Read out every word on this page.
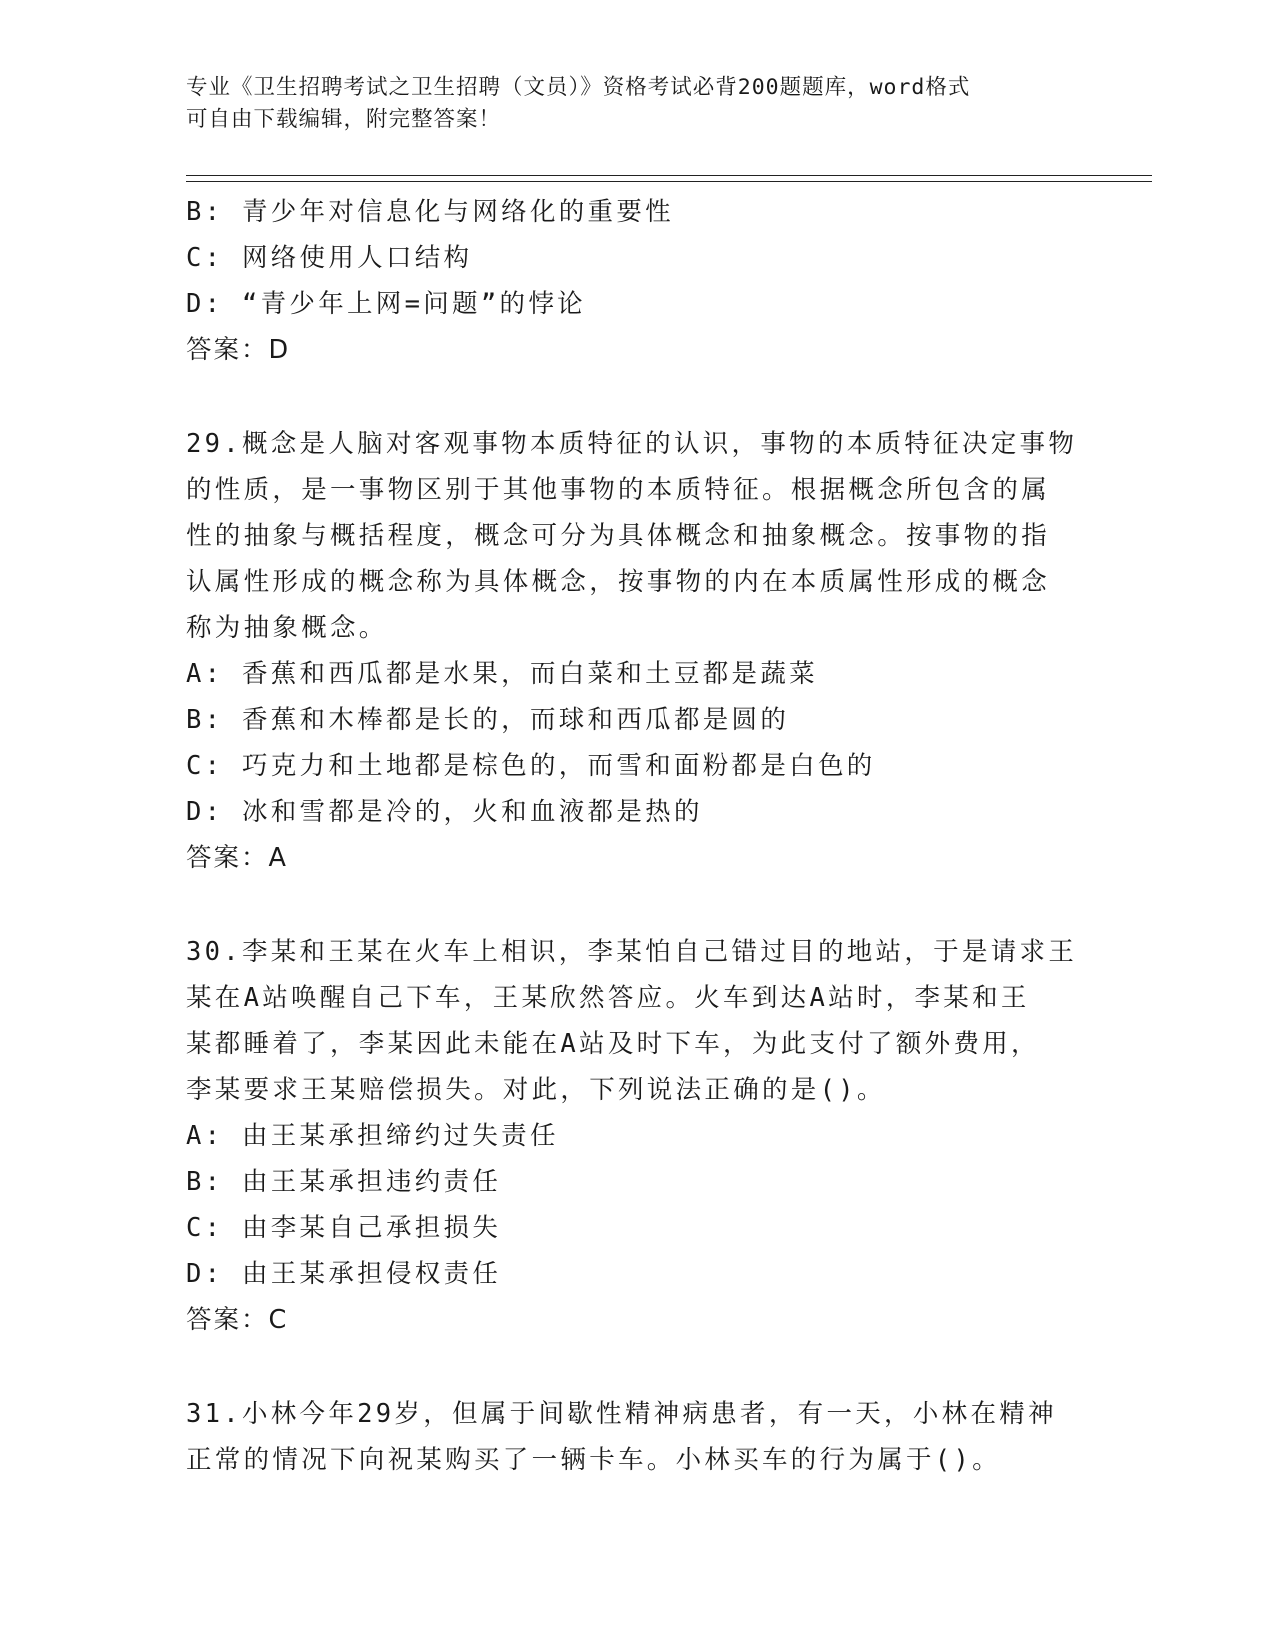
专业《卫生招聘考试之卫生招聘（文员）》资格考试必背200题题库，word格式
可自由下载编辑，附完整答案！
B: 青少年对信息化与网络化的重要性
C: 网络使用人口结构
D: “青少年上网=问题”的悖论
答案：D
29.概念是人脑对客观事物本质特征的认识，事物的本质特征决定事物
的性质，是一事物区别于其他事物的本质特征。根据概念所包含的属
性的抽象与概括程度，概念可分为具体概念和抽象概念。按事物的指
认属性形成的概念称为具体概念，按事物的内在本质属性形成的概念
称为抽象概念。
A: 香蕉和西瓜都是水果，而白菜和土豆都是蔬菜
B: 香蕉和木棒都是长的，而球和西瓜都是圆的
C: 巧克力和土地都是棕色的，而雪和面粉都是白色的
D: 冰和雪都是冷的，火和血液都是热的
答案：A
30.李某和王某在火车上相识，李某怕自己错过目的地站，于是请求王
某在A站唤醒自己下车，王某欣然答应。火车到达A站时，李某和王
某都睡着了，李某因此未能在A站及时下车，为此支付了额外费用，
李某要求王某赔偿损失。对此，下列说法正确的是()。
A: 由王某承担缔约过失责任
B: 由王某承担违约责任
C: 由李某自己承担损失
D: 由王某承担侵权责任
答案：C
31.小林今年29岁，但属于间歇性精神病患者，有一天，小林在精神
正常的情况下向祝某购买了一辆卡车。小林买车的行为属于()。
